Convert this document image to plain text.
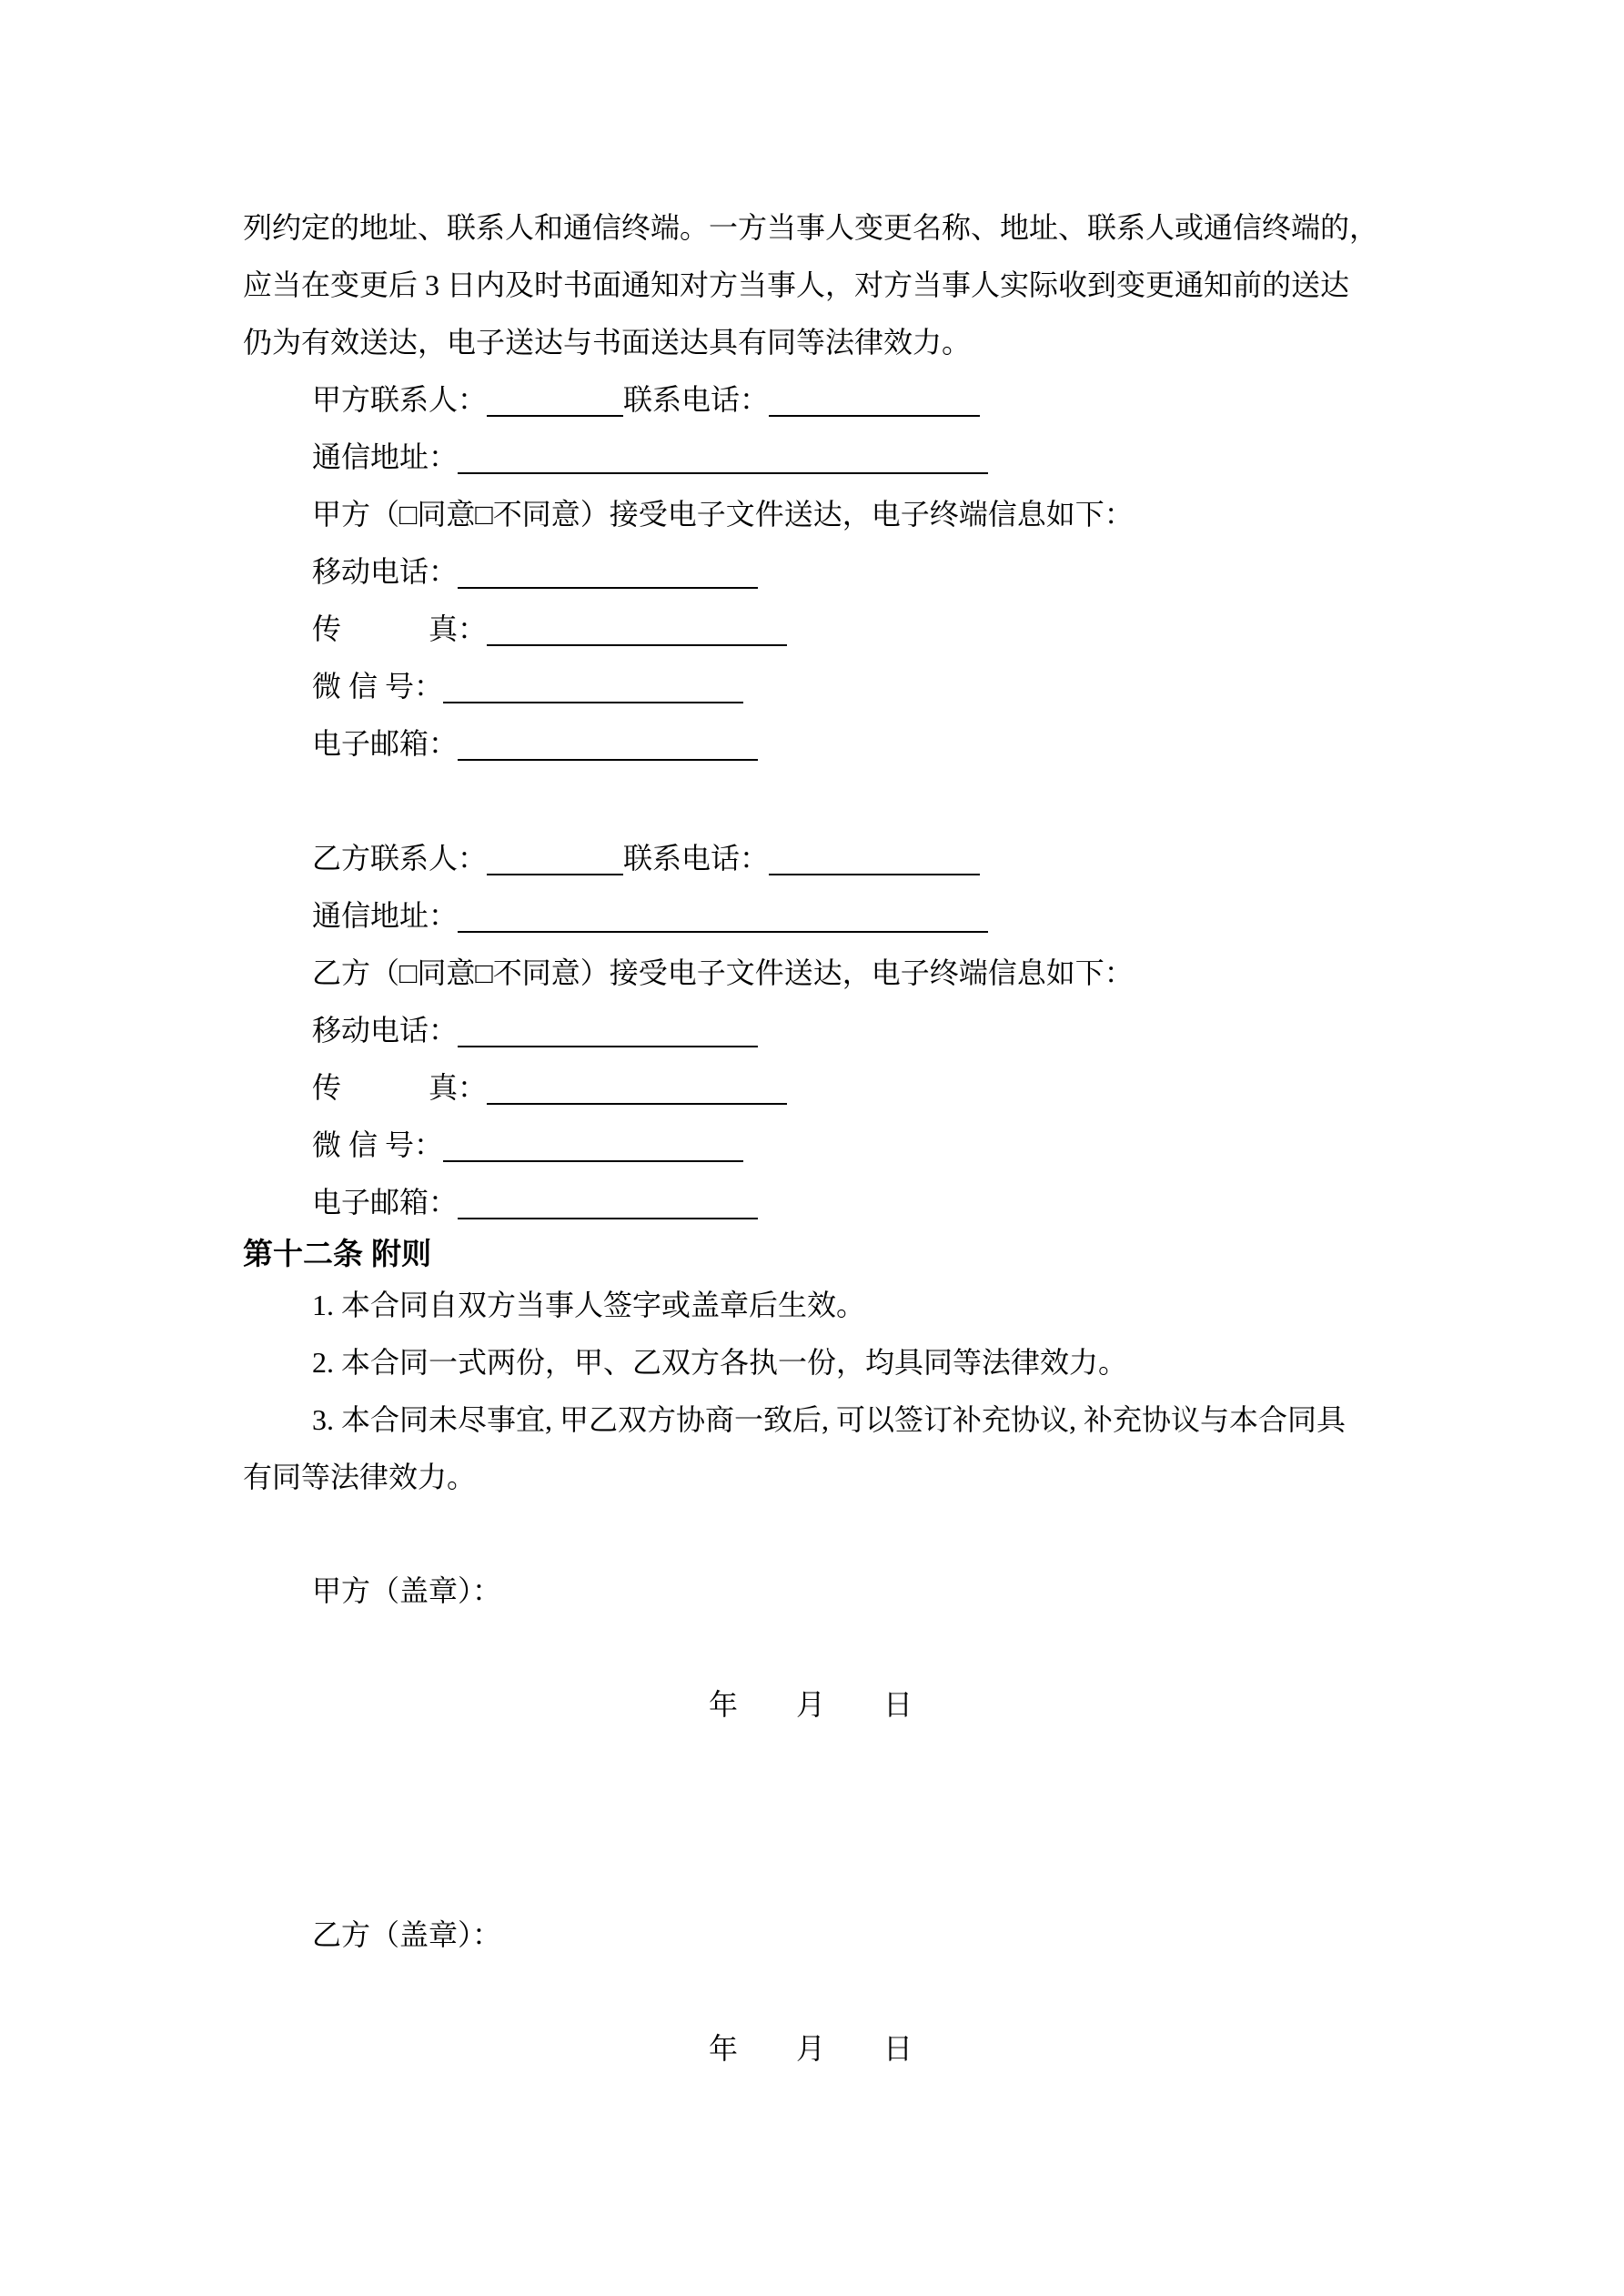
列约定的地址、联系人和通信终端。一方当事人变更名称、地址、联系人或通信终端的，
应当在变更后 3 日内及时书面通知对方当事人，对方当事人实际收到变更通知前的送达
仍为有效送达，电子送达与书面送达具有同等法律效力。
甲方联系人：	联系电话：
通信地址：
甲方（□同意□不同意）接受电子文件送达，电子终端信息如下：
移动电话：
传　　　真：
微 信 号：
电子邮箱：
乙方联系人：	联系电话：
通信地址：
乙方（□同意□不同意）接受电子文件送达，电子终端信息如下：
移动电话：
传　　　真：
微 信 号：
电子邮箱：
第十二条 附则
1. 本合同自双方当事人签字或盖章后生效。
2. 本合同一式两份，甲、乙双方各执一份，均具同等法律效力。
3. 本合同未尽事宜, 甲乙双方协商一致后, 可以签订补充协议, 补充协议与本合同具
有同等法律效力。
甲方（盖章）：
年　　月　　日
乙方（盖章）：
年　　月　　日
